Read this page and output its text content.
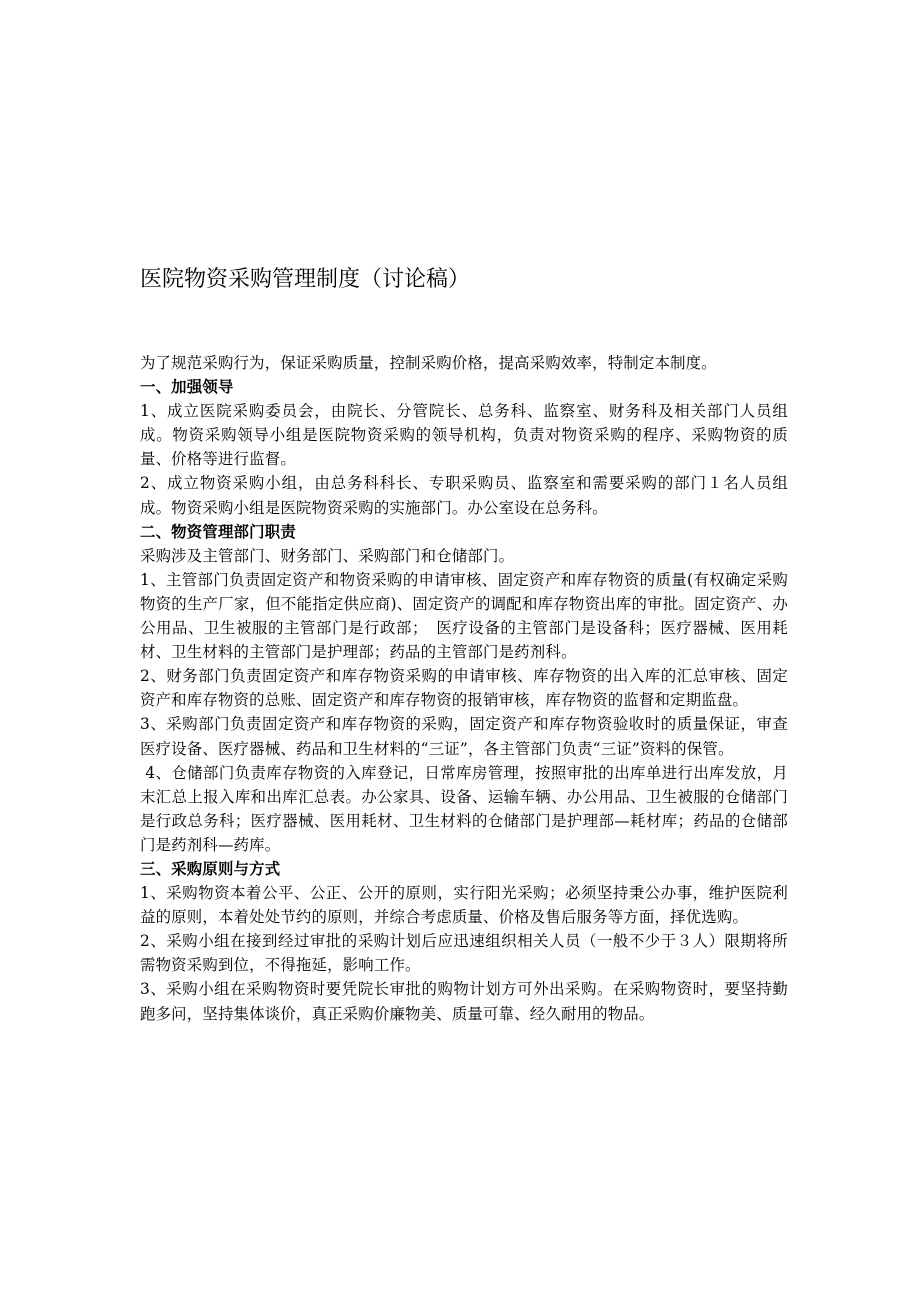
医院物资采购管理制度（讨论稿）

为了规范采购行为，保证采购质量，控制采购价格，提高采购效率，特制定本制度。

一、加强领导

1、成立医院采购委员会，由院长、分管院长、总务科、监察室、财务科及相关部门人员组成。物资采购领导小组是医院物资采购的领导机构，负责对物资采购的程序、采购物资的质量、价格等进行监督。

2、成立物资采购小组，由总务科科长、专职采购员、监察室和需要采购的部门１名人员组成。物资采购小组是医院物资采购的实施部门。办公室设在总务科。

二、物资管理部门职责

采购涉及主管部门、财务部门、采购部门和仓储部门。

1、主管部门负责固定资产和物资采购的申请审核、固定资产和库存物资的质量(有权确定采购物资的生产厂家，但不能指定供应商)、固定资产的调配和库存物资出库的审批。固定资产、办公用品、卫生被服的主管部门是行政部；　医疗设备的主管部门是设备科；医疗器械、医用耗材、卫生材料的主管部门是护理部；药品的主管部门是药剂科。

2、财务部门负责固定资产和库存物资采购的申请审核、库存物资的出入库的汇总审核、固定资产和库存物资的总账、固定资产和库存物资的报销审核，库存物资的监督和定期监盘。

3、采购部门负责固定资产和库存物资的采购，固定资产和库存物资验收时的质量保证，审查医疗设备、医疗器械、药品和卫生材料的“三证”，各主管部门负责“三证”资料的保管。

4、仓储部门负责库存物资的入库登记，日常库房管理，按照审批的出库单进行出库发放，月末汇总上报入库和出库汇总表。办公家具、设备、运输车辆、办公用品、卫生被服的仓储部门是行政总务科；医疗器械、医用耗材、卫生材料的仓储部门是护理部—耗材库；药品的仓储部门是药剂科—药库。

三、采购原则与方式

1、采购物资本着公平、公正、公开的原则，实行阳光采购；必须坚持秉公办事，维护医院利益的原则，本着处处节约的原则，并综合考虑质量、价格及售后服务等方面，择优选购。

2、采购小组在接到经过审批的采购计划后应迅速组织相关人员（一般不少于３人）限期将所需物资采购到位，不得拖延，影响工作。

3、采购小组在采购物资时要凭院长审批的购物计划方可外出采购。在采购物资时，要坚持勤跑多问，坚持集体谈价，真正采购价廉物美、质量可靠、经久耐用的物品。
